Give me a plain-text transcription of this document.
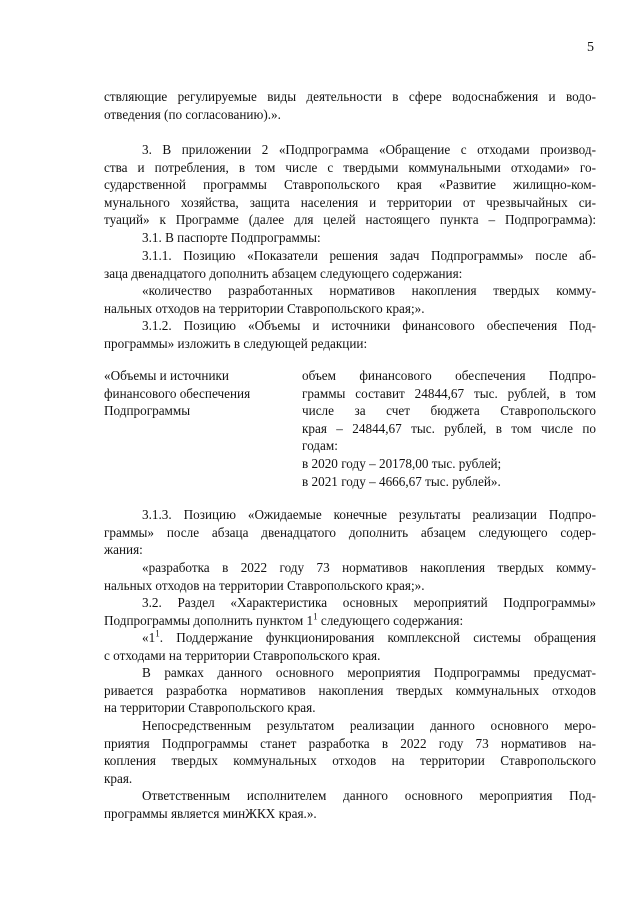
5

ствляющие регулируемые виды деятельности в сфере водоснабжения и водо-

отведения (по согласованию).».

3. В приложении 2 «Подпрограмма «Обращение с отходами производ-

ства и потребления, в том числе с твердыми коммунальными отходами» го-

сударственной программы Ставропольского края «Развитие жилищно-ком-

мунального хозяйства, защита населения и территории от чрезвычайных си-

туаций» к Программе (далее для целей настоящего пункта – Подпрограмма):

3.1. В паспорте Подпрограммы:

3.1.1. Позицию «Показатели решения задач Подпрограммы» после аб-

заца двенадцатого дополнить абзацем следующего содержания:

«количество разработанных нормативов накопления твердых комму-

нальных отходов на территории Ставропольского края;».

3.1.2. Позицию «Объемы и источники финансового обеспечения Под-

программы» изложить в следующей редакции:

«Объемы и источники

финансового обеспечения

Подпрограммы

объем финансового обеспечения Подпро-

граммы составит 24844,67 тыс. рублей, в том

числе за счет бюджета Ставропольского

края – 24844,67 тыс. рублей, в том числе по

годам:

в 2020 году – 20178,00 тыс. рублей;

в 2021 году – 4666,67 тыс. рублей».

3.1.3. Позицию «Ожидаемые конечные результаты реализации Подпро-

граммы» после абзаца двенадцатого дополнить абзацем следующего содер-

жания:

«разработка в 2022 году 73 нормативов накопления твердых комму-

нальных отходов на территории Ставропольского края;».

3.2. Раздел «Характеристика основных мероприятий Подпрограммы»

Подпрограммы дополнить пунктом $1^1$ следующего содержания:

«$1^1$. Поддержание функционирования комплексной системы обращения

с отходами на территории Ставропольского края.

В рамках данного основного мероприятия Подпрограммы предусмат-

ривается разработка нормативов накопления твердых коммунальных отходов

на территории Ставропольского края.

Непосредственным результатом реализации данного основного меро-

приятия Подпрограммы станет разработка в 2022 году 73 нормативов на-

копления твердых коммунальных отходов на территории Ставропольского

края.

Ответственным исполнителем данного основного мероприятия Под-

программы является минЖКХ края.».
